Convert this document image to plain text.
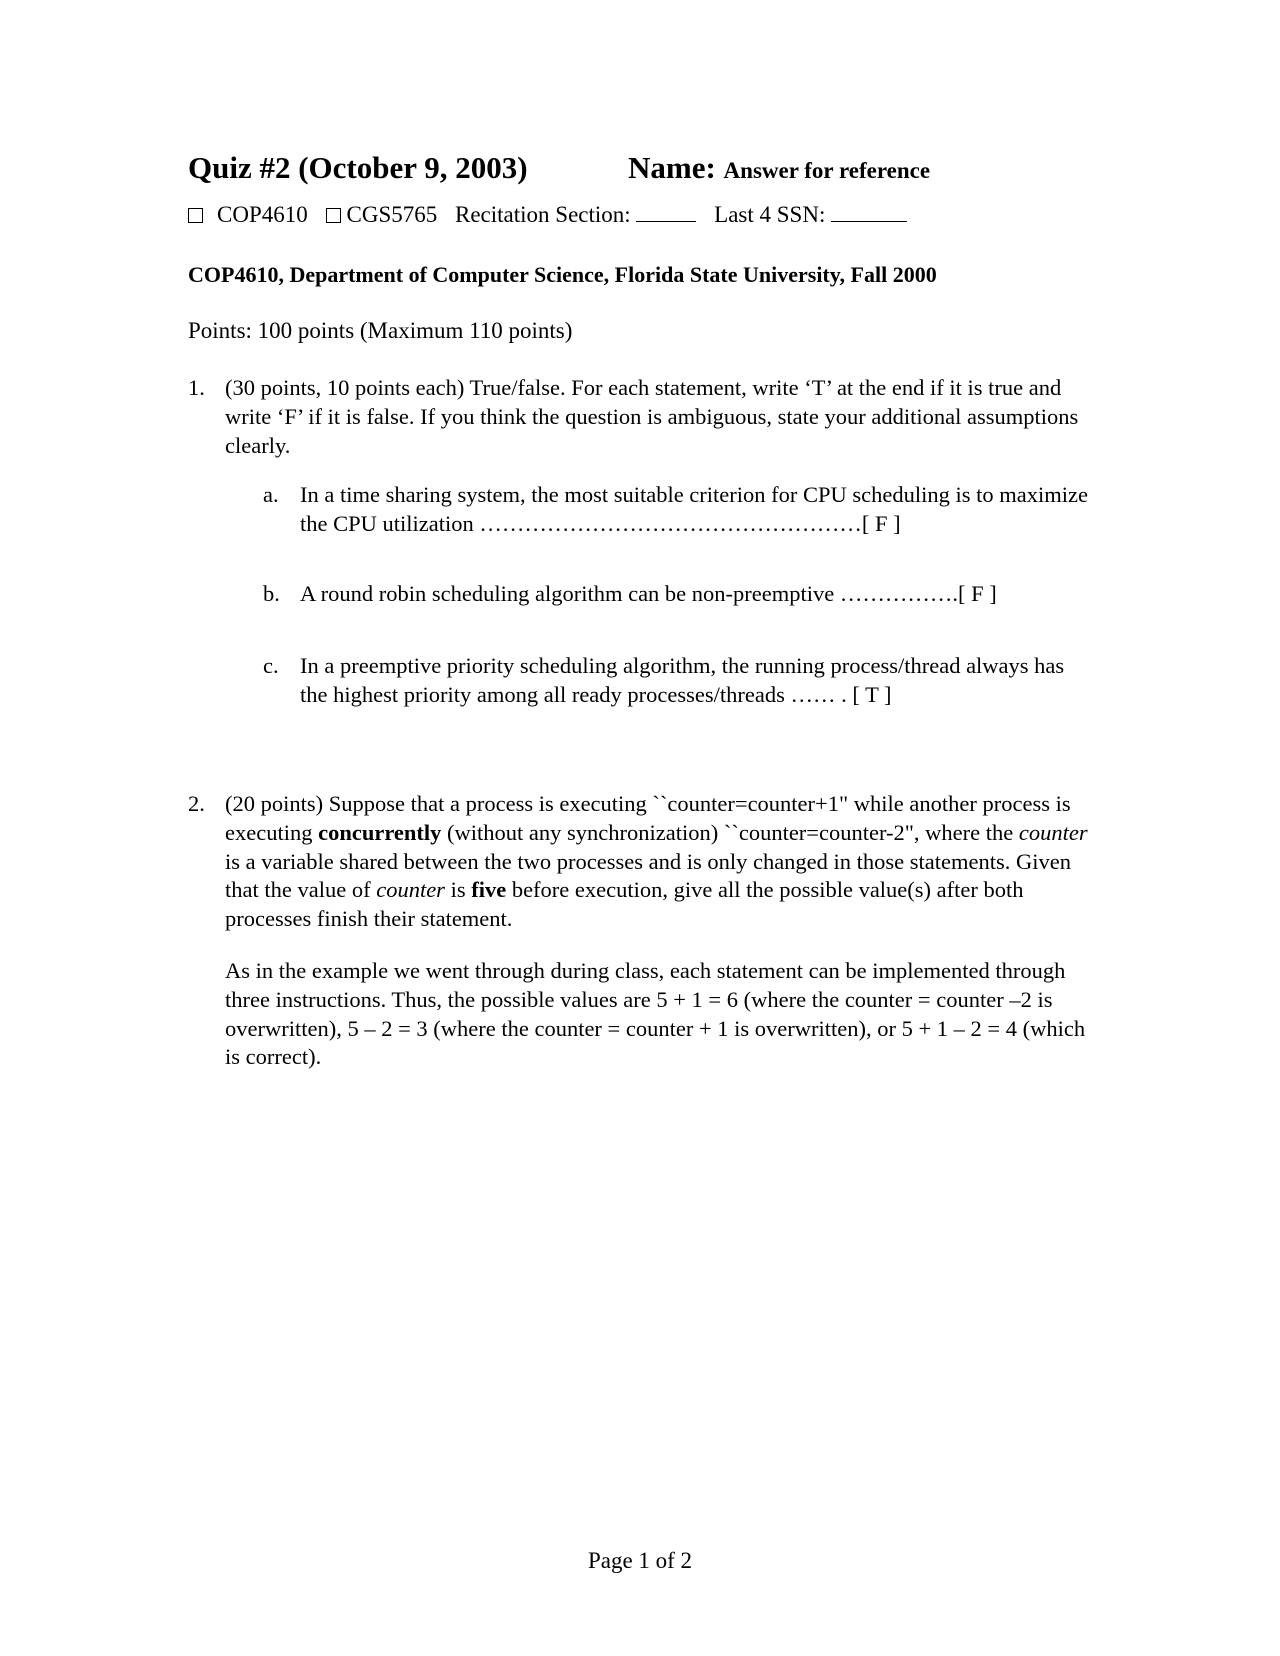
Quiz #2 (October 9, 2003)	Name: Answer for reference
COP4610 CGS5765 Recitation Section:	Last 4 SSN:
COP4610, Department of Computer Science, Florida State University, Fall 2000
Points: 100 points (Maximum 110 points)
1. (30 points, 10 points each) True/false. For each statement, write ‘T’ at the end if it is true and write ‘F’ if it is false. If you think the question is ambiguous, state your additional assumptions clearly.
a. In a time sharing system, the most suitable criterion for CPU scheduling is to maximize the CPU utilization ……………………………………………[ F ]
b. A round robin scheduling algorithm can be non-preemptive …………….[ F ]
c. In a preemptive priority scheduling algorithm, the running process/thread always has the highest priority among all ready processes/threads …… . [ T ]
2. (20 points) Suppose that a process is executing ``counter=counter+1" while another process is executing concurrently (without any synchronization) ``counter=counter-2", where the counter is a variable shared between the two processes and is only changed in those statements. Given that the value of counter is five before execution, give all the possible value(s) after both processes finish their statement.
As in the example we went through during class, each statement can be implemented through three instructions. Thus, the possible values are 5 + 1 = 6 (where the counter = counter –2 is overwritten), 5 – 2 = 3 (where the counter = counter + 1 is overwritten), or 5 + 1 – 2 = 4 (which is correct).
Page 1 of 2
